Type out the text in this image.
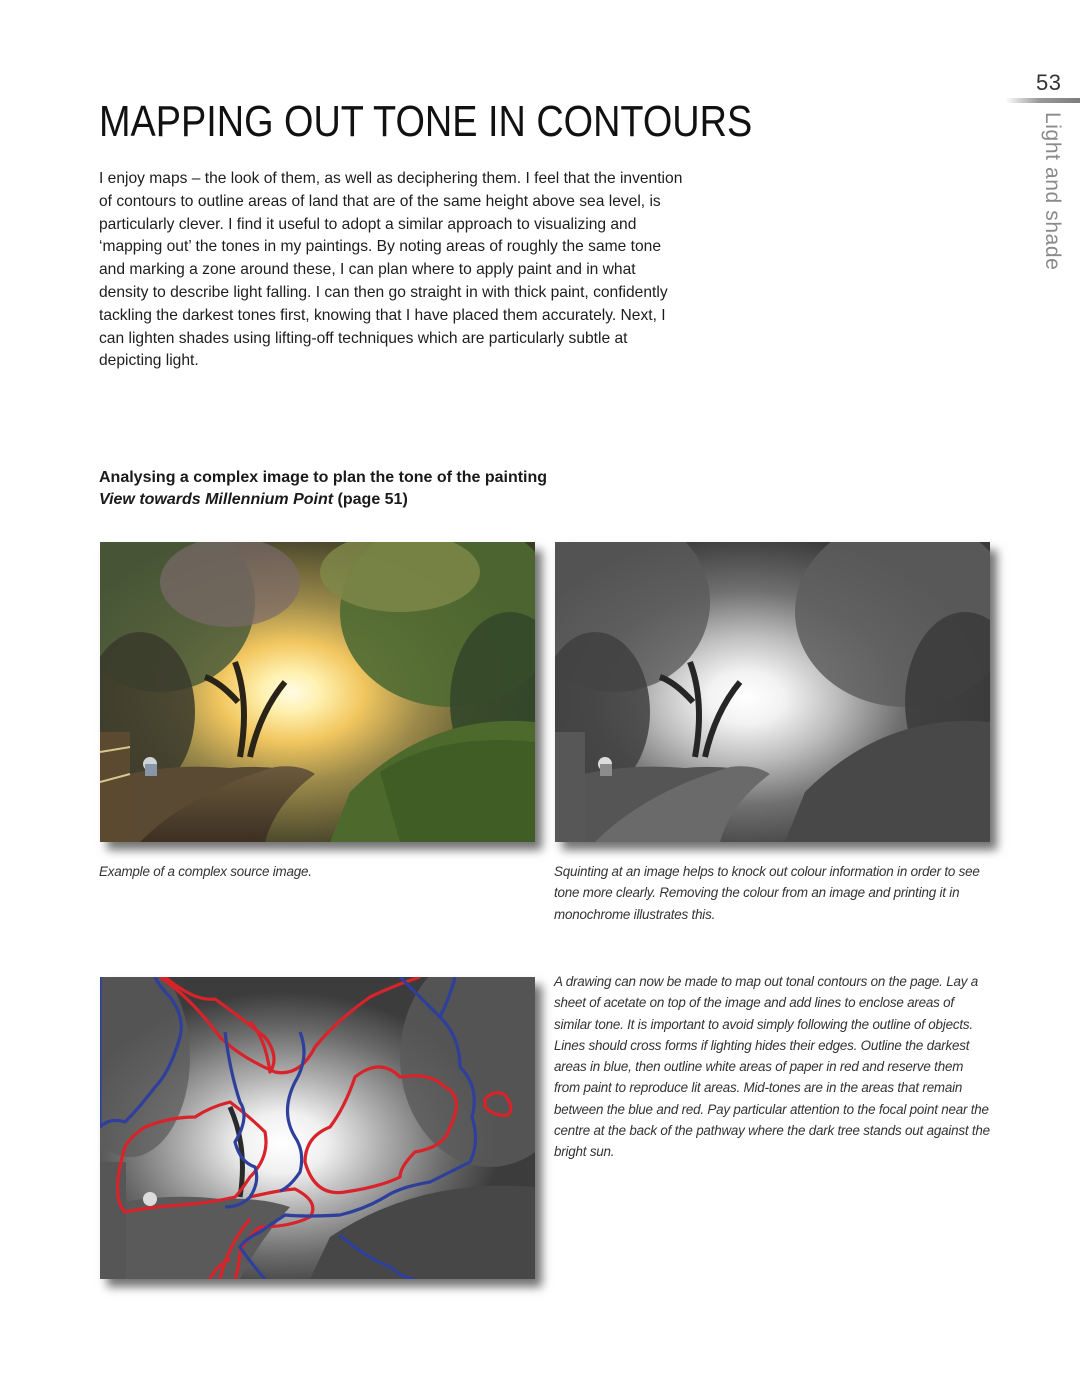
53
Light and shade
MAPPING OUT TONE IN CONTOURS

I enjoy maps – the look of them, as well as deciphering them. I feel that the invention of contours to outline areas of land that are of the same height above sea level, is particularly clever. I find it useful to adopt a similar approach to visualizing and ‘mapping out’ the tones in my paintings. By noting areas of roughly the same tone and marking a zone around these, I can plan where to apply paint and in what density to describe light falling. I can then go straight in with thick paint, confidently tackling the darkest tones first, knowing that I have placed them accurately. Next, I can lighten shades using lifting-off techniques which are particularly subtle at depicting light.

Analysing a complex image to plan the tone of the painting
View towards Millennium Point (page 51)

Example of a complex source image.	Squinting at an image helps to knock out colour information in order to see tone more clearly. Removing the colour from an image and printing it in monochrome illustrates this.

A drawing can now be made to map out tonal contours on the page. Lay a sheet of acetate on top of the image and add lines to enclose areas of similar tone. It is important to avoid simply following the outline of objects. Lines should cross forms if lighting hides their edges. Outline the darkest areas in blue, then outline white areas of paper in red and reserve them from paint to reproduce lit areas. Mid-tones are in the areas that remain between the blue and red. Pay particular attention to the focal point near the centre at the back of the pathway where the dark tree stands out against the bright sun.
